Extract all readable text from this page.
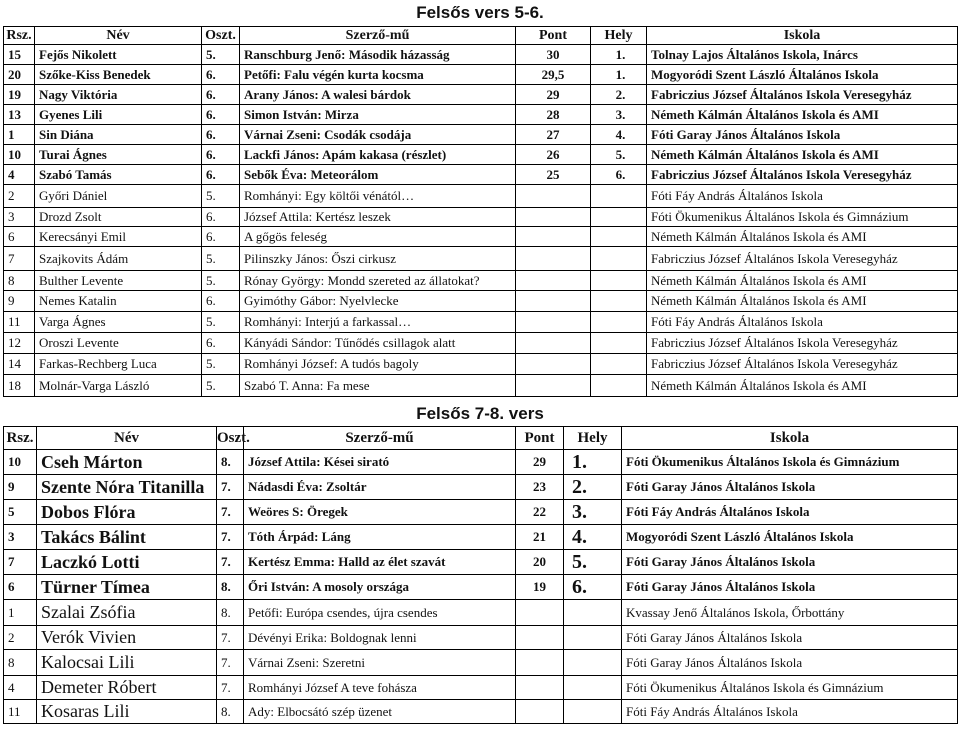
Felsős vers 5-6.
Rsz.	Név	Oszt.	Szerző-mű	Pont	Hely	Iskola
15	Fejős Nikolett	5.	Ranschburg Jenő: Második házasság	30	1.	Tolnay Lajos Általános Iskola, Inárcs
20	Szőke-Kiss Benedek	6.	Petőfi: Falu végén kurta kocsma	29,5	1.	Mogyoródi Szent László Általános Iskola
19	Nagy Viktória	6.	Arany János: A walesi bárdok	29	2.	Fabriczius József Általános Iskola Veresegyház
13	Gyenes Lili	6.	Simon István: Mirza	28	3.	Németh Kálmán Általános Iskola és AMI
1	Sin Diána	6.	Várnai Zseni: Csodák csodája	27	4.	Fóti Garay János Általános Iskola
10	Turai Ágnes	6.	Lackfi János: Apám kakasa (részlet)	26	5.	Németh Kálmán Általános Iskola és AMI
4	Szabó Tamás	6.	Sebők Éva: Meteorálom	25	6.	Fabriczius József Általános Iskola Veresegyház
2	Győri Dániel	5.	Romhányi: Egy költői vénától…			Fóti Fáy András Általános Iskola
3	Drozd Zsolt	6.	József Attila: Kertész leszek			Fóti Ökumenikus Általános Iskola és Gimnázium
6	Kerecsányi Emil	6.	A gőgös feleség			Németh Kálmán Általános Iskola és AMI
7	Szajkovits Ádám	5.	Pilinszky János: Őszi cirkusz			Fabriczius József Általános Iskola Veresegyház
8	Bulther Levente	5.	Rónay György: Mondd szereted az állatokat?			Németh Kálmán Általános Iskola és AMI
9	Nemes Katalin	6.	Gyimóthy Gábor: Nyelvlecke			Németh Kálmán Általános Iskola és AMI
11	Varga Ágnes	5.	Romhányi: Interjú a farkassal…			Fóti Fáy András Általános Iskola
12	Oroszi Levente	6.	Kányádi Sándor: Tűnődés csillagok alatt			Fabriczius József Általános Iskola Veresegyház
14	Farkas-Rechberg Luca	5.	Romhányi József: A tudós bagoly			Fabriczius József Általános Iskola Veresegyház
18	Molnár-Varga László	5.	Szabó T. Anna: Fa mese			Németh Kálmán Általános Iskola és AMI
Felsős 7-8. vers
Rsz.	Név	Oszt.	Szerző-mű	Pont	Hely	Iskola
10	Cseh Márton	8.	József Attila: Kései sirató	29	1.	Fóti Ökumenikus Általános Iskola és Gimnázium
9	Szente Nóra Titanilla	7.	Nádasdi Éva: Zsoltár	23	2.	Fóti Garay János Általános Iskola
5	Dobos Flóra	7.	Weöres S: Öregek	22	3.	Fóti Fáy András Általános Iskola
3	Takács Bálint	7.	Tóth Árpád: Láng	21	4.	Mogyoródi Szent László Általános Iskola
7	Laczkó Lotti	7.	Kertész Emma: Halld az élet szavát	20	5.	Fóti Garay János Általános Iskola
6	Türner Tímea	8.	Őri István: A mosoly országa	19	6.	Fóti Garay János Általános Iskola
1	Szalai Zsófia	8.	Petőfi: Európa csendes, újra csendes			Kvassay Jenő Általános Iskola, Őrbottány
2	Verók Vivien	7.	Dévényi Erika: Boldognak lenni			Fóti Garay János Általános Iskola
8	Kalocsai Lili	7.	Várnai Zseni: Szeretni			Fóti Garay János Általános Iskola
4	Demeter Róbert	7.	Romhányi József A teve fohásza			Fóti Ökumenikus Általános Iskola és Gimnázium
11	Kosaras Lili	8.	Ady: Elbocsátó szép üzenet			Fóti Fáy András Általános Iskola
